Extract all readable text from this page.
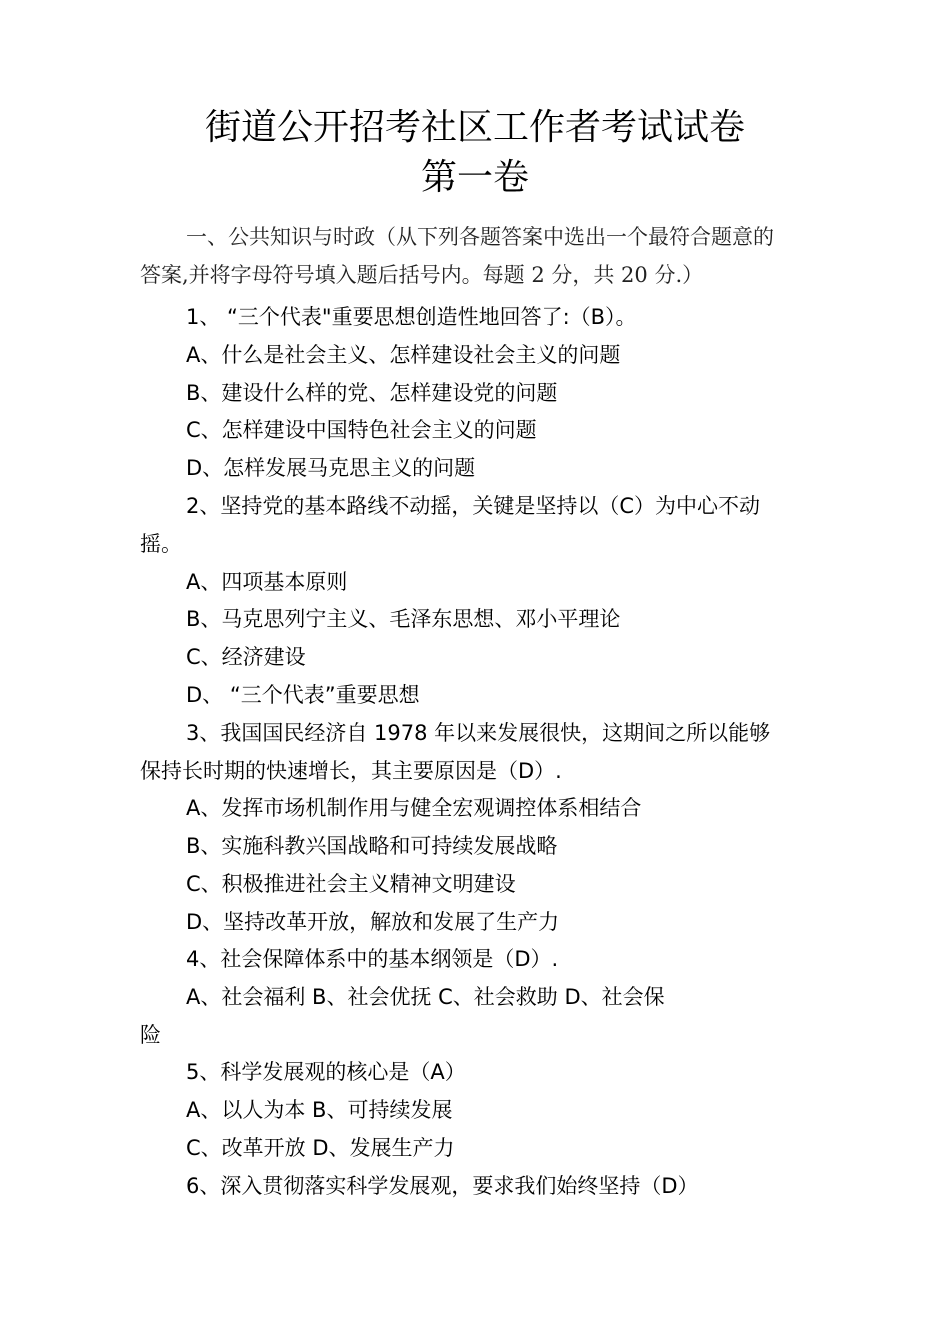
街道公开招考社区工作者考试试卷
第一卷
一、公共知识与时政（从下列各题答案中选出一个最符合题意的
答案,并将字母符号填入题后括号内。每题 2 分，共 20 分.）
1、 “三个代表"重要思想创造性地回答了:（B）。
A、什么是社会主义、怎样建设社会主义的问题
B、建设什么样的党、怎样建设党的问题
C、怎样建设中国特色社会主义的问题
D、怎样发展马克思主义的问题
2、坚持党的基本路线不动摇，关键是坚持以（C）为中心不动
摇。
A、四项基本原则
B、马克思列宁主义、毛泽东思想、邓小平理论
C、经济建设
D、 “三个代表”重要思想
3、我国国民经济自 1978 年以来发展很快，这期间之所以能够
保持长时期的快速增长，其主要原因是（D）.
A、发挥市场机制作用与健全宏观调控体系相结合
B、实施科教兴国战略和可持续发展战略
C、积极推进社会主义精神文明建设
D、坚持改革开放，解放和发展了生产力
4、社会保障体系中的基本纲领是（D）.
A、社会福利 B、社会优抚 C、社会救助 D、社会保
险
5、科学发展观的核心是（A）
A、以人为本 B、可持续发展
C、改革开放 D、发展生产力
6、深入贯彻落实科学发展观，要求我们始终坚持（D）
